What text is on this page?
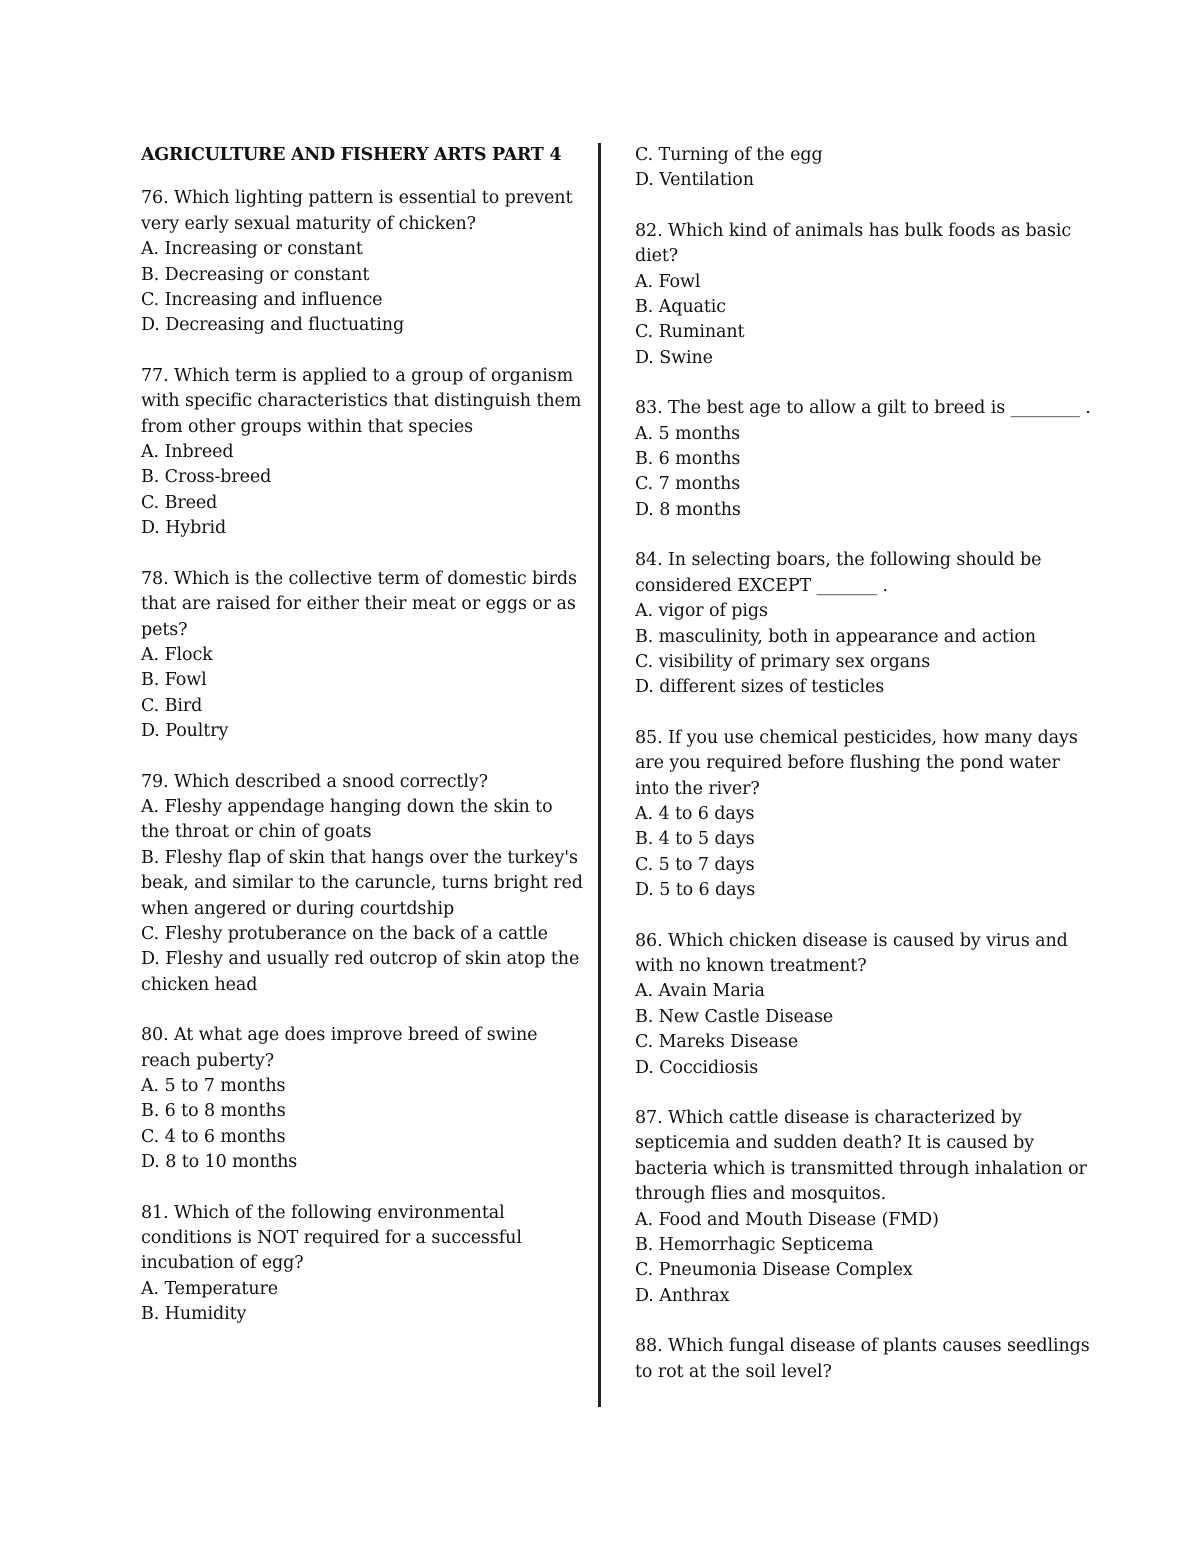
AGRICULTURE AND FISHERY ARTS PART 4
76. Which lighting pattern is essential to prevent very early sexual maturity of chicken?
A. Increasing or constant
B. Decreasing or constant
C. Increasing and influence
D. Decreasing and fluctuating
77. Which term is applied to a group of organism with specific characteristics that distinguish them from other groups within that species
A. Inbreed
B. Cross-breed
C. Breed
D. Hybrid
78. Which is the collective term of domestic birds that are raised for either their meat or eggs or as pets?
A. Flock
B. Fowl
C. Bird
D. Poultry
79. Which described a snood correctly?
A. Fleshy appendage hanging down the skin to the throat or chin of goats
B. Fleshy flap of skin that hangs over the turkey's beak, and similar to the caruncle, turns bright red when angered or during courtdship
C. Fleshy protuberance on the back of a cattle
D. Fleshy and usually red outcrop of skin atop the chicken head
80. At what age does improve breed of swine reach puberty?
A. 5 to 7 months
B. 6 to 8 months
C. 4 to 6 months
D. 8 to 10 months
81. Which of the following environmental conditions is NOT required for a successful incubation of egg?
A. Temperature
B. Humidity
C. Turning of the egg
D. Ventilation
82. Which kind of animals has bulk foods as basic diet?
A. Fowl
B. Aquatic
C. Ruminant
D. Swine
83. The best age to allow a gilt to breed is ________ .
A. 5 months
B. 6 months
C. 7 months
D. 8 months
84. In selecting boars, the following should be considered EXCEPT _______ .
A. vigor of pigs
B. masculinity, both in appearance and action
C. visibility of primary sex organs
D. different sizes of testicles
85. If you use chemical pesticides, how many days are you required before flushing the pond water into the river?
A. 4 to 6 days
B. 4 to 5 days
C. 5 to 7 days
D. 5 to 6 days
86. Which chicken disease is caused by virus and with no known treatment?
A. Avain Maria
B. New Castle Disease
C. Mareks Disease
D. Coccidiosis
87. Which cattle disease is characterized by septicemia and sudden death? It is caused by bacteria which is transmitted through inhalation or through flies and mosquitos.
A. Food and Mouth Disease (FMD)
B. Hemorrhagic Septicema
C. Pneumonia Disease Complex
D. Anthrax
88. Which fungal disease of plants causes seedlings to rot at the soil level?
